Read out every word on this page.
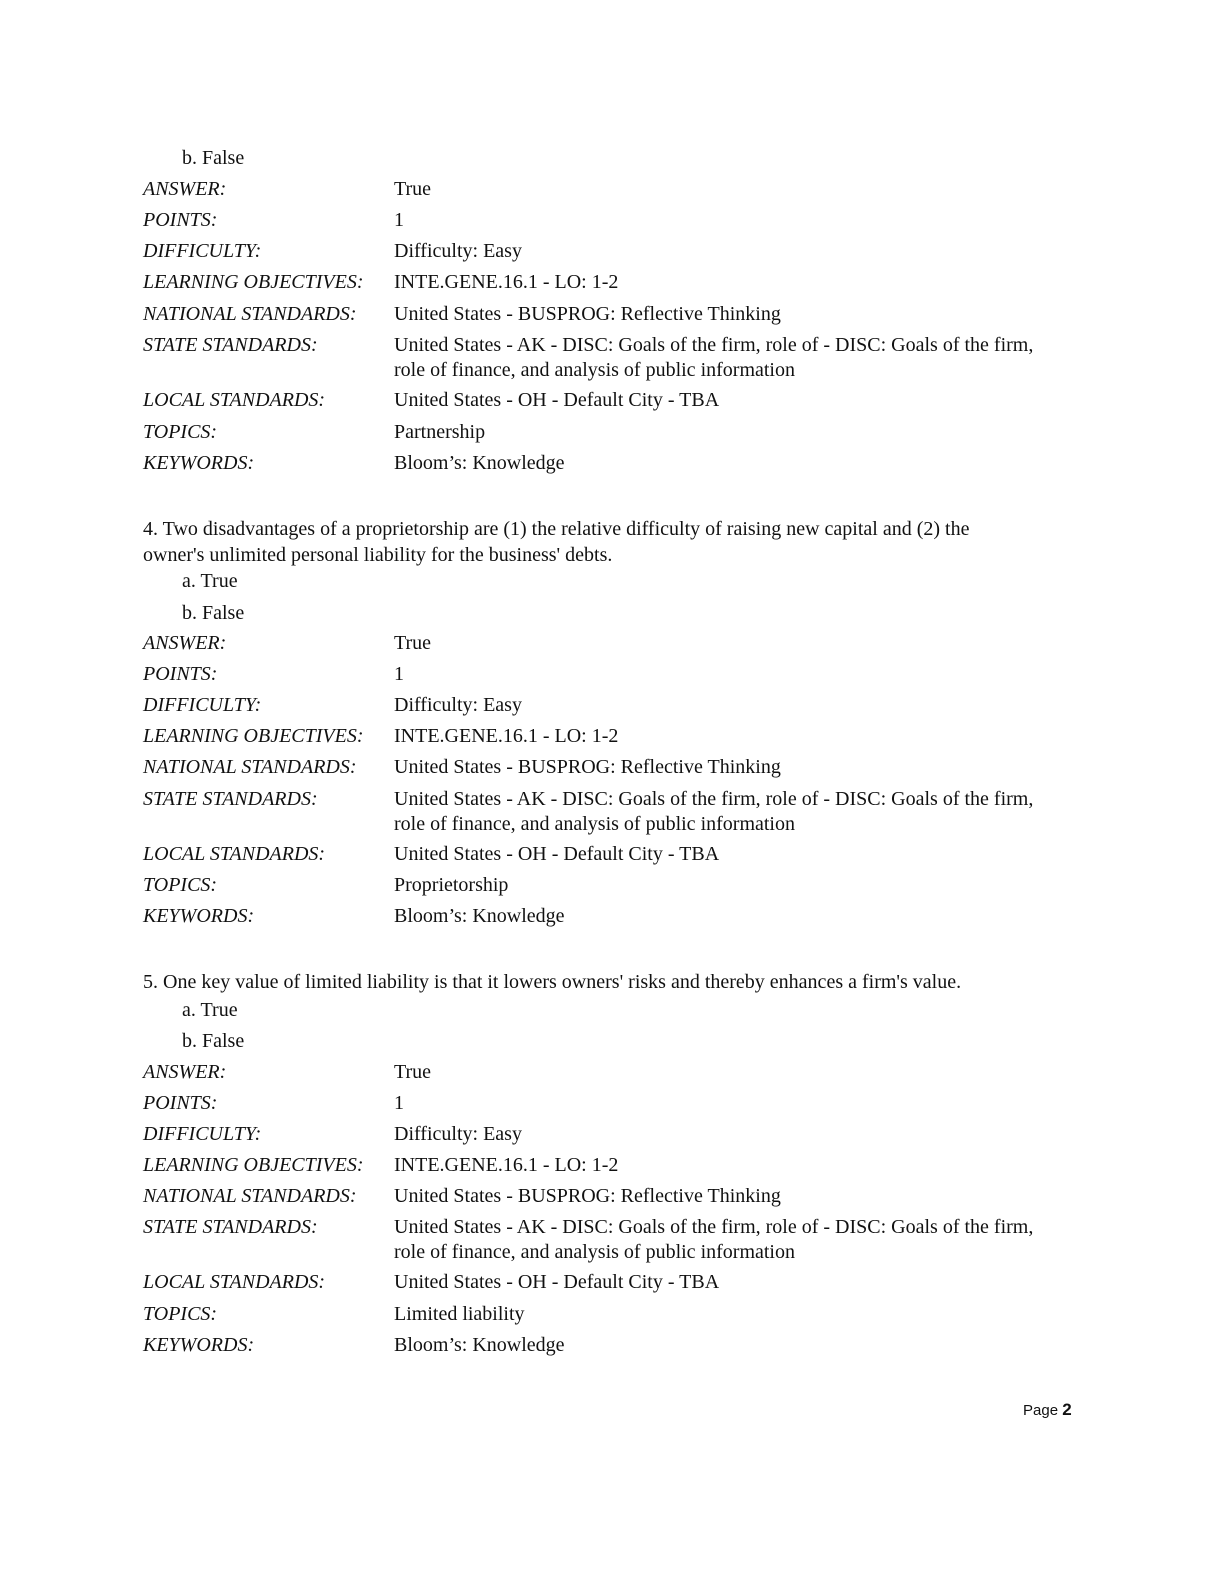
b. False
ANSWER:	True
POINTS:	1
DIFFICULTY:	Difficulty: Easy
LEARNING OBJECTIVES: INTE.GENE.16.1 - LO: 1-2
NATIONAL STANDARDS: United States - BUSPROG: Reflective Thinking
STATE STANDARDS:	United States - AK - DISC: Goals of the firm, role of - DISC: Goals of the firm, role of finance, and analysis of public information
LOCAL STANDARDS:	United States - OH - Default City - TBA
TOPICS:	Partnership
KEYWORDS:	Bloom’s: Knowledge
4. Two disadvantages of a proprietorship are (1) the relative difficulty of raising new capital and (2) the
owner's unlimited personal liability for the business' debts.
a. True
b. False
ANSWER:	True
POINTS:	1
DIFFICULTY:	Difficulty: Easy
LEARNING OBJECTIVES: INTE.GENE.16.1 - LO: 1-2
NATIONAL STANDARDS: United States - BUSPROG: Reflective Thinking
STATE STANDARDS:	United States - AK - DISC: Goals of the firm, role of - DISC: Goals of the firm, role of finance, and analysis of public information
LOCAL STANDARDS:	United States - OH - Default City - TBA
TOPICS:	Proprietorship
KEYWORDS:	Bloom’s: Knowledge
5. One key value of limited liability is that it lowers owners' risks and thereby enhances a firm's value.
a. True
b. False
ANSWER:	True
POINTS:	1
DIFFICULTY:	Difficulty: Easy
LEARNING OBJECTIVES: INTE.GENE.16.1 - LO: 1-2
NATIONAL STANDARDS: United States - BUSPROG: Reflective Thinking
STATE STANDARDS:	United States - AK - DISC: Goals of the firm, role of - DISC: Goals of the firm, role of finance, and analysis of public information
LOCAL STANDARDS:	United States - OH - Default City - TBA
TOPICS:	Limited liability
KEYWORDS:	Bloom’s: Knowledge
Page 2
